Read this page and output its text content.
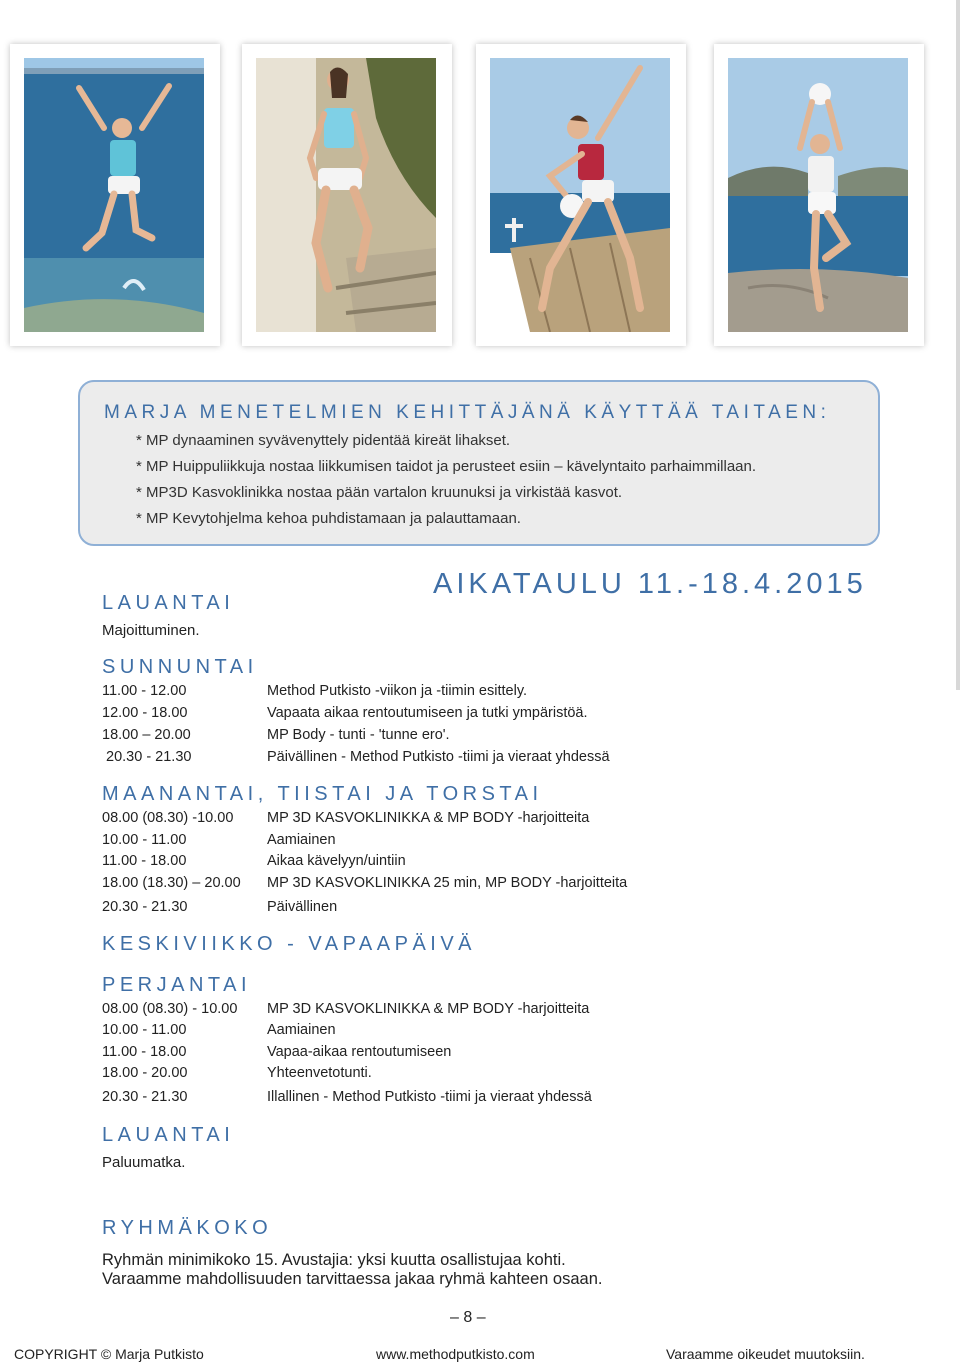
MARJA MENETELMIEN KEHITTÄJÄNÄ KÄYTTÄÄ TAITAEN:
* MP dynaaminen syvävenyttely pidentää kireät lihakset.
* MP Huippuliikkuja nostaa liikkumisen taidot ja perusteet esiin – kävelyntaito parhaimmillaan.
* MP3D Kasvoklinikka nostaa pään vartalon kruunuksi ja virkistää kasvot.
* MP Kevytohjelma kehoa puhdistamaan ja palauttamaan.
AIKATAULU 11.-18.4.2015
LAUANTAI
Majoittuminen.
SUNNUNTAI
11.00 - 12.00	Method Putkisto -viikon ja -tiimin esittely.
12.00 - 18.00	Vapaata aikaa rentoutumiseen ja tutki ympäristöä.
18.00 – 20.00	MP Body - tunti - 'tunne ero'.
20.30 - 21.30	Päivällinen - Method Putkisto -tiimi ja vieraat yhdessä
MAANANTAI, TIISTAI JA TORSTAI
08.00 (08.30) -10.00 MP 3D KASVOKLINIKKA & MP BODY -harjoitteita
10.00 - 11.00	Aamiainen
11.00 - 18.00	Aikaa kävelyyn/uintiin
18.00 (18.30) – 20.00 MP 3D KASVOKLINIKKA 25 min, MP BODY -harjoitteita
20.30 - 21.30	Päivällinen
KESKIVIIKKO - VAPAAPÄIVÄ
PERJANTAI
08.00 (08.30) - 10.00 MP 3D KASVOKLINIKKA & MP BODY -harjoitteita
10.00 - 11.00	Aamiainen
11.00 - 18.00	Vapaa-aikaa rentoutumiseen
18.00 - 20.00	Yhteenvetotunti.
20.30 - 21.30	Illallinen - Method Putkisto -tiimi ja vieraat yhdessä
LAUANTAI
Paluumatka.
RYHMÄKOKO
Ryhmän minimikoko 15. Avustajia: yksi kuutta osallistujaa kohti.
Varaamme mahdollisuuden tarvittaessa jakaa ryhmä kahteen osaan.
– 8 –
COPYRIGHT © Marja Putkisto	www.methodputkisto.com	Varaamme oikeudet muutoksiin.
